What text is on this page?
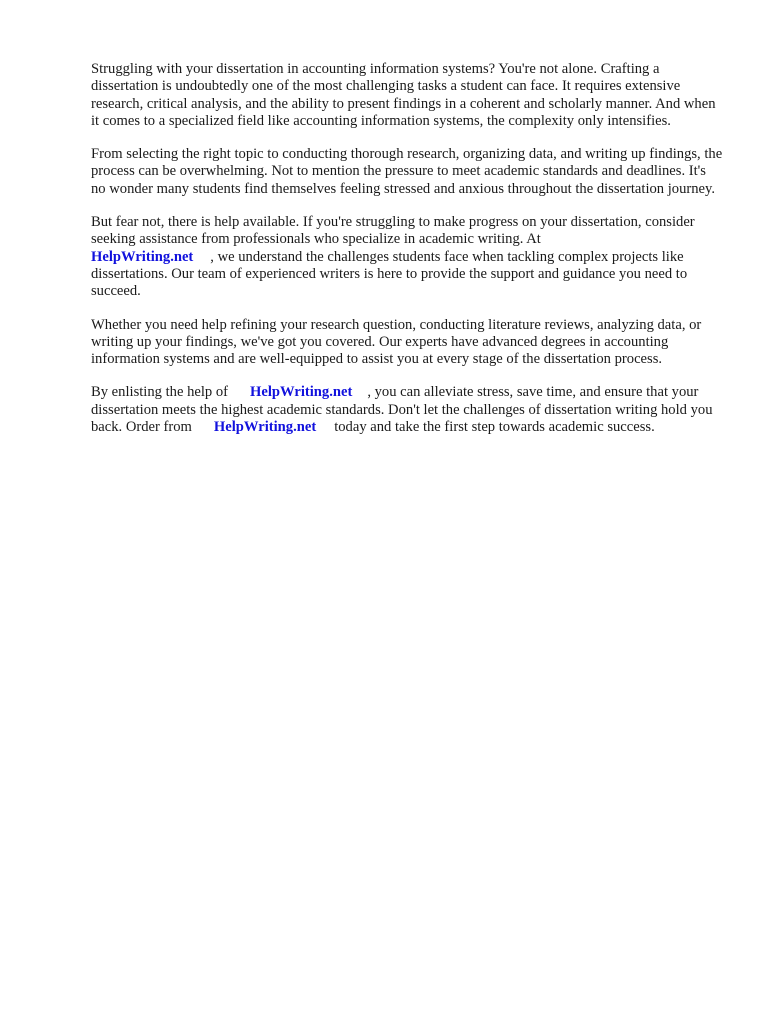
Struggling with your dissertation in accounting information systems? You're not alone. Crafting a dissertation is undoubtedly one of the most challenging tasks a student can face. It requires extensive research, critical analysis, and the ability to present findings in a coherent and scholarly manner. And when it comes to a specialized field like accounting information systems, the complexity only intensifies.

From selecting the right topic to conducting thorough research, organizing data, and writing up findings, the process can be overwhelming. Not to mention the pressure to meet academic standards and deadlines. It's no wonder many students find themselves feeling stressed and anxious throughout the dissertation journey.

But fear not, there is help available. If you're struggling to make progress on your dissertation, consider seeking assistance from professionals who specialize in academic writing. At
HelpWriting.net , we understand the challenges students face when tackling complex projects like dissertations. Our team of experienced writers is here to provide the support and guidance you need to succeed.

Whether you need help refining your research question, conducting literature reviews, analyzing data, or writing up your findings, we've got you covered. Our experts have advanced degrees in accounting information systems and are well-equipped to assist you at every stage of the dissertation process.

By enlisting the help of HelpWriting.net , you can alleviate stress, save time, and ensure that your dissertation meets the highest academic standards. Don't let the challenges of dissertation writing hold you back. Order from HelpWriting.net today and take the first step towards academic success.
